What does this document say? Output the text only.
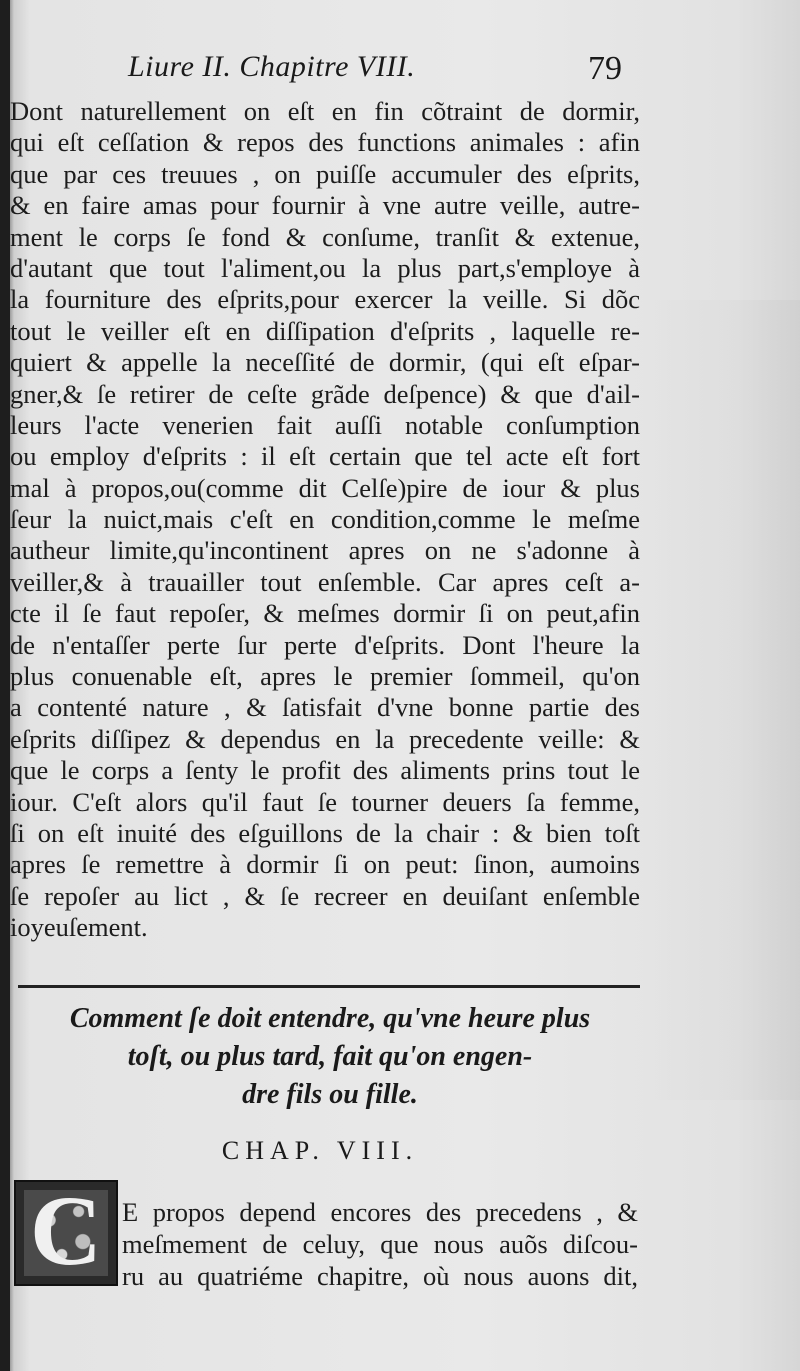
Liure II. Chapitre VIII.	79
Dont naturellement on eſt en fin cõtraint de dormir,
qui eſt ceſſation & repos des functions animales : afin
que par ces treuues , on puiſſe accumuler des eſprits,
& en faire amas pour fournir à vne autre veille, autre-
ment le corps ſe fond & conſume, tranſit & extenue,
d'autant que tout l'aliment,ou la plus part,s'employe à
la fourniture des eſprits,pour exercer la veille. Si dõc
tout le veiller eſt en diſſipation d'eſprits , laquelle re-
quiert & appelle la neceſſité de dormir, (qui eſt eſpar-
gner,& ſe retirer de ceſte grãde deſpence) & que d'ail-
leurs l'acte venerien fait auſſi notable conſumption
ou employ d'eſprits : il eſt certain que tel acte eſt fort
mal à propos,ou(comme dit Celſe)pire de iour & plus
ſeur la nuict,mais c'eſt en condition,comme le meſme
autheur limite,qu'incontinent apres on ne s'adonne à
veiller,& à trauailler tout enſemble. Car apres ceſt a-
cte il ſe faut repoſer, & meſmes dormir ſi on peut,afin
de n'entaſſer perte ſur perte d'eſprits. Dont l'heure la
plus conuenable eſt, apres le premier ſommeil, qu'on
a contenté nature , & ſatisfait d'vne bonne partie des
eſprits diſſipez & dependus en la precedente veille: &
que le corps a ſenty le profit des aliments prins tout le
iour. C'eſt alors qu'il faut ſe tourner deuers ſa femme,
ſi on eſt inuité des eſguillons de la chair : & bien toſt
apres ſe remettre à dormir ſi on peut: ſinon, aumoins
ſe repoſer au lict , & ſe recreer en deuiſant enſemble
ioyeuſement.
Comment ſe doit entendre, qu'vne heure plus
toſt, ou plus tard, fait qu'on engen-
dre fils ou fille.
CHAP. VIII.
C E propos depend encores des precedens , &
meſmement de celuy, que nous auõs diſcou-
ru au quatriéme chapitre, où nous auons dit,
